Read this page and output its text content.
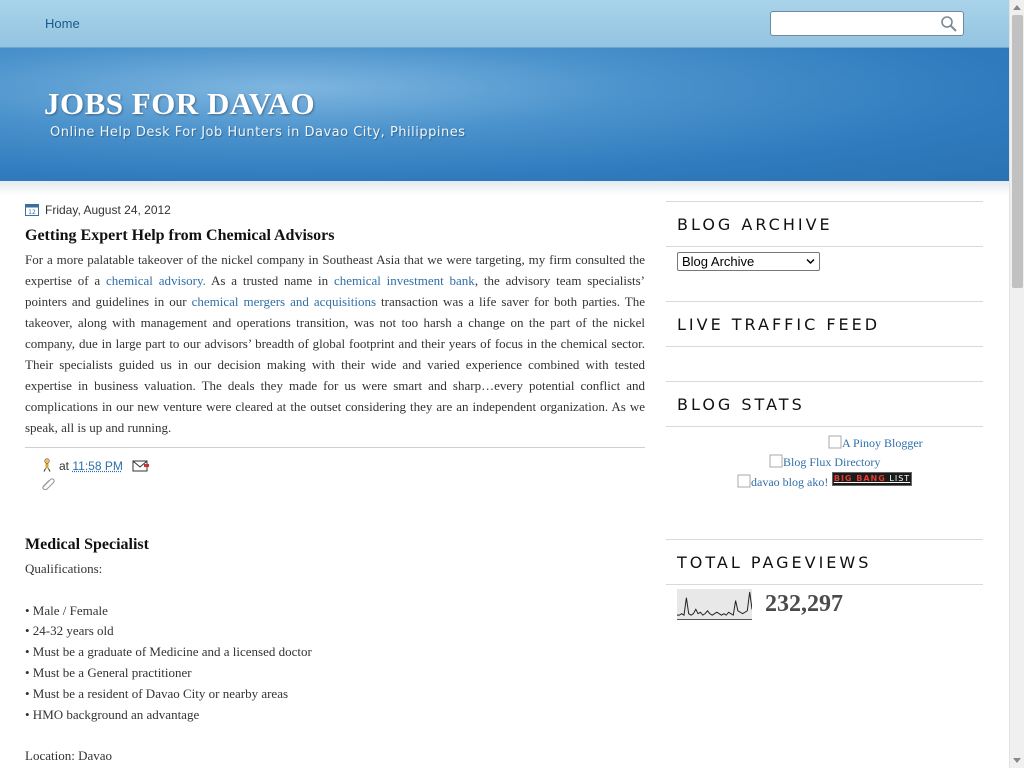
Home
JOBS FOR DAVAO
Online Help Desk For Job Hunters in Davao City, Philippines
12 Friday, August 24, 2012
Getting Expert Help from Chemical Advisors
For a more palatable takeover of the nickel company in Southeast Asia that we were targeting, my firm consulted the expertise of a chemical advisory. As a trusted name in chemical investment bank, the advisory team specialists’ pointers and guidelines in our chemical mergers and acquisitions transaction was a life saver for both parties. The takeover, along with management and operations transition, was not too harsh a change on the part of the nickel company, due in large part to our advisors’ breadth of global footprint and their years of focus in the chemical sector. Their specialists guided us in our decision making with their wide and varied experience combined with tested expertise in business valuation. The deals they made for us were smart and sharp…every potential conflict and complications in our new venture were cleared at the outset considering they are an independent organization. As we speak, all is up and running.
at 11:58 PM
Medical Specialist
Qualifications:
• Male / Female
• 24-32 years old
• Must be a graduate of Medicine and a licensed doctor
• Must be a General practitioner
• Must be a resident of Davao City or nearby areas
• HMO background an advantage
Location: Davao
BLOG ARCHIVE
Blog Archive
LIVE TRAFFIC FEED
BLOG STATS
A Pinoy Blogger
Blog Flux Directory
davao blog ako! BIG BANG LIST
TOTAL PAGEVIEWS
232,297
